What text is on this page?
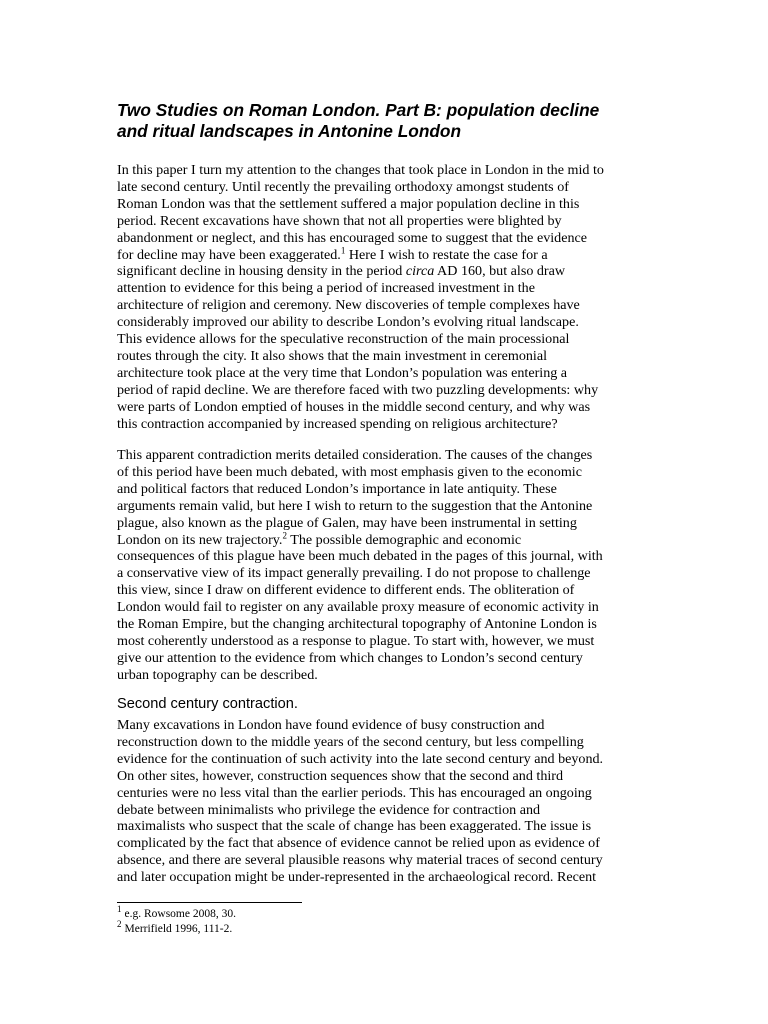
Two Studies on Roman London. Part B: population decline
and ritual landscapes in Antonine London

In this paper I turn my attention to the changes that took place in London in the mid to
late second century. Until recently the prevailing orthodoxy amongst students of
Roman London was that the settlement suffered a major population decline in this
period. Recent excavations have shown that not all properties were blighted by
abandonment or neglect, and this has encouraged some to suggest that the evidence
for decline may have been exaggerated.$^1$ Here I wish to restate the case for a
significant decline in housing density in the period circa AD 160, but also draw
attention to evidence for this being a period of increased investment in the
architecture of religion and ceremony. New discoveries of temple complexes have
considerably improved our ability to describe London’s evolving ritual landscape.
This evidence allows for the speculative reconstruction of the main processional
routes through the city. It also shows that the main investment in ceremonial
architecture took place at the very time that London’s population was entering a
period of rapid decline. We are therefore faced with two puzzling developments: why
were parts of London emptied of houses in the middle second century, and why was
this contraction accompanied by increased spending on religious architecture?

This apparent contradiction merits detailed consideration. The causes of the changes
of this period have been much debated, with most emphasis given to the economic
and political factors that reduced London’s importance in late antiquity. These
arguments remain valid, but here I wish to return to the suggestion that the Antonine
plague, also known as the plague of Galen, may have been instrumental in setting
London on its new trajectory.$^2$ The possible demographic and economic
consequences of this plague have been much debated in the pages of this journal, with
a conservative view of its impact generally prevailing. I do not propose to challenge
this view, since I draw on different evidence to different ends. The obliteration of
London would fail to register on any available proxy measure of economic activity in
the Roman Empire, but the changing architectural topography of Antonine London is
most coherently understood as a response to plague. To start with, however, we must
give our attention to the evidence from which changes to London’s second century
urban topography can be described.

Second century contraction.

Many excavations in London have found evidence of busy construction and
reconstruction down to the middle years of the second century, but less compelling
evidence for the continuation of such activity into the late second century and beyond.
On other sites, however, construction sequences show that the second and third
centuries were no less vital than the earlier periods. This has encouraged an ongoing
debate between minimalists who privilege the evidence for contraction and
maximalists who suspect that the scale of change has been exaggerated. The issue is
complicated by the fact that absence of evidence cannot be relied upon as evidence of
absence, and there are several plausible reasons why material traces of second century
and later occupation might be under-represented in the archaeological record. Recent

$^1$ e.g. Rowsome 2008, 30.
$^2$ Merrifield 1996, 111-2.
